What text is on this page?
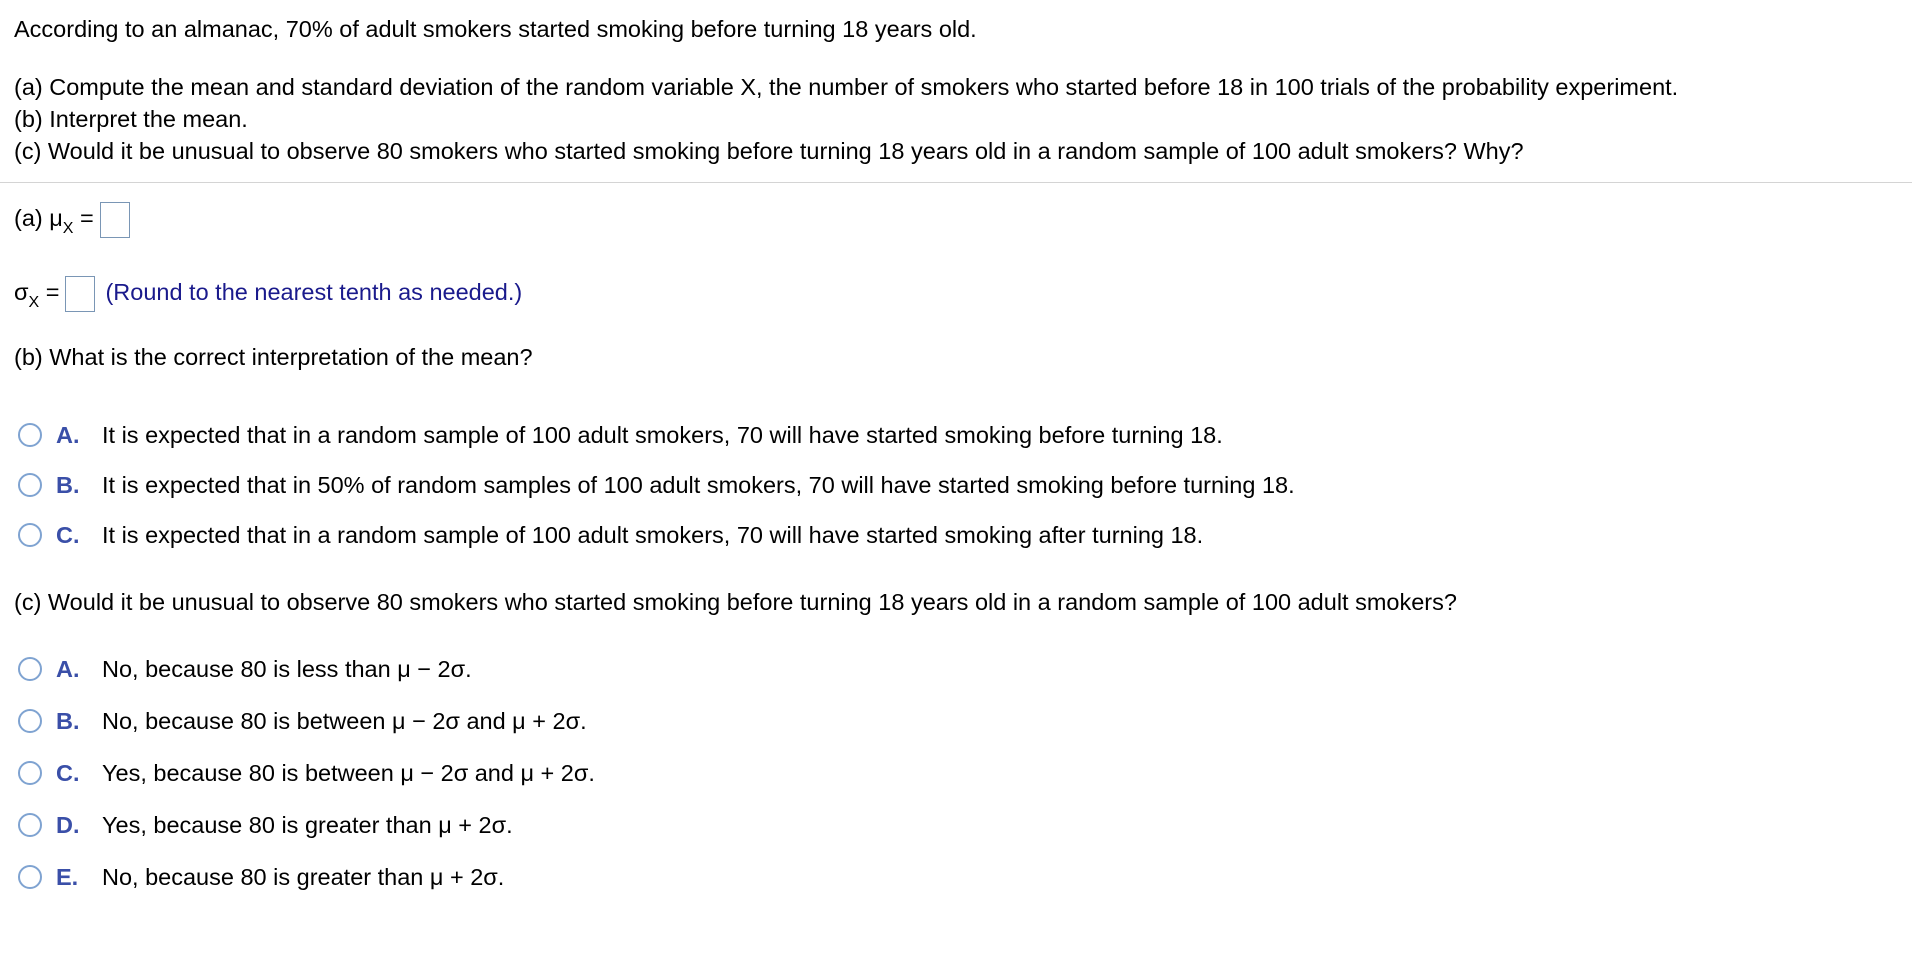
According to an almanac, 70% of adult smokers started smoking before turning 18 years old.
(a) Compute the mean and standard deviation of the random variable X, the number of smokers who started before 18 in 100 trials of the probability experiment.
(b) Interpret the mean.
(c) Would it be unusual to observe 80 smokers who started smoking before turning 18 years old in a random sample of 100 adult smokers? Why?
(a) $\mu_X$ =
$\sigma_X$ = (Round to the nearest tenth as needed.)
(b) What is the correct interpretation of the mean?
A. It is expected that in a random sample of 100 adult smokers, 70 will have started smoking before turning 18.
B. It is expected that in 50% of random samples of 100 adult smokers, 70 will have started smoking before turning 18.
C. It is expected that in a random sample of 100 adult smokers, 70 will have started smoking after turning 18.
(c) Would it be unusual to observe 80 smokers who started smoking before turning 18 years old in a random sample of 100 adult smokers?
A. No, because 80 is less than μ − 2σ.
B. No, because 80 is between μ − 2σ and μ + 2σ.
C. Yes, because 80 is between μ − 2σ and μ + 2σ.
D. Yes, because 80 is greater than μ + 2σ.
E. No, because 80 is greater than μ + 2σ.
